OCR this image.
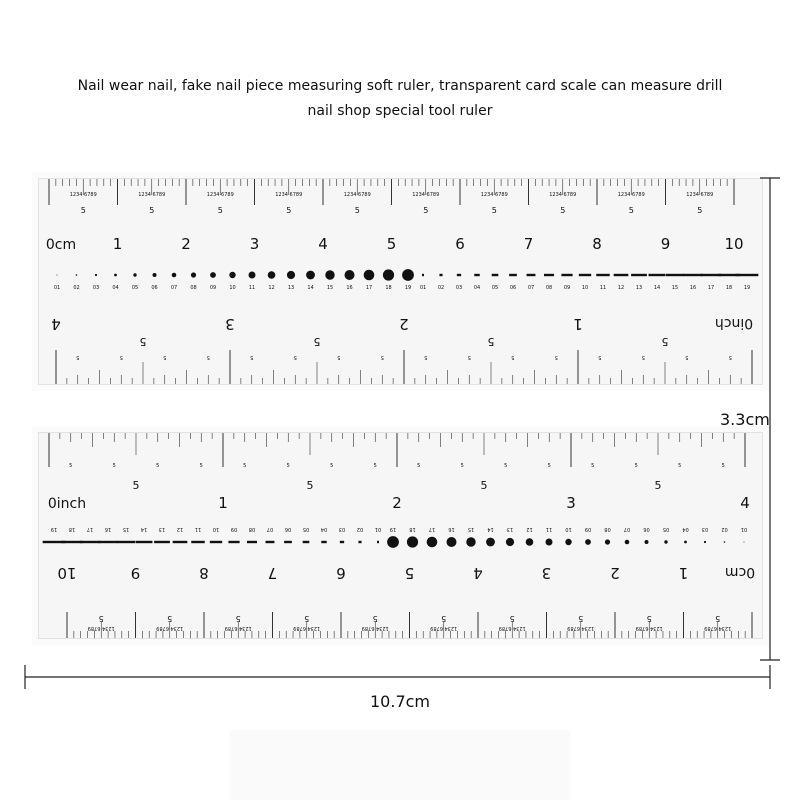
Nail wear nail, fake nail piece measuring soft ruler, transparent card scale can measure drill
nail shop special tool ruler
5	5	5	5	5	5	5	5	5	5
1234 6789	1234 6789	1234 6789	1234 6789	1234 6789	1234 6789	1234 6789	1234 6789	1234 6789	1234 6789
0cm 1	2	3	4	5	6	7	8	9	10
01	02	03	04	05	06	07	08	09	10	11	12	13	14	15	16	17	18	19 01 02 03 04 05 06 07 08 09 10 11 12 13 14 15 16 17 18 19
5
5
5
5
5
5
5
5
5
5
5
5
5
5
5
5
5
5
5
5
0inch
1
2
3
4
5
5
5
5
5
5
5
5
5
5
1234 6789
1234 6789
1234 6789
1234 6789
1234 6789
1234 6789
1234 6789
1234 6789
1234 6789
1234 6789
0cm
1
2
3
4
5
6
7
8
9
10
01
02
03
04
05
06
07
08
09
10
11
12
13
14
15
16
17
18
19
01
02
03
04
05
06
07
08
09
10
11
12
13
14
15
16
17
18
19
5	5	5	5
5	5	5	5	5	5	5	5	5	5	5	5	5	5	5	5
0inch	1	2	3	4
10.7cm
3.3cm
